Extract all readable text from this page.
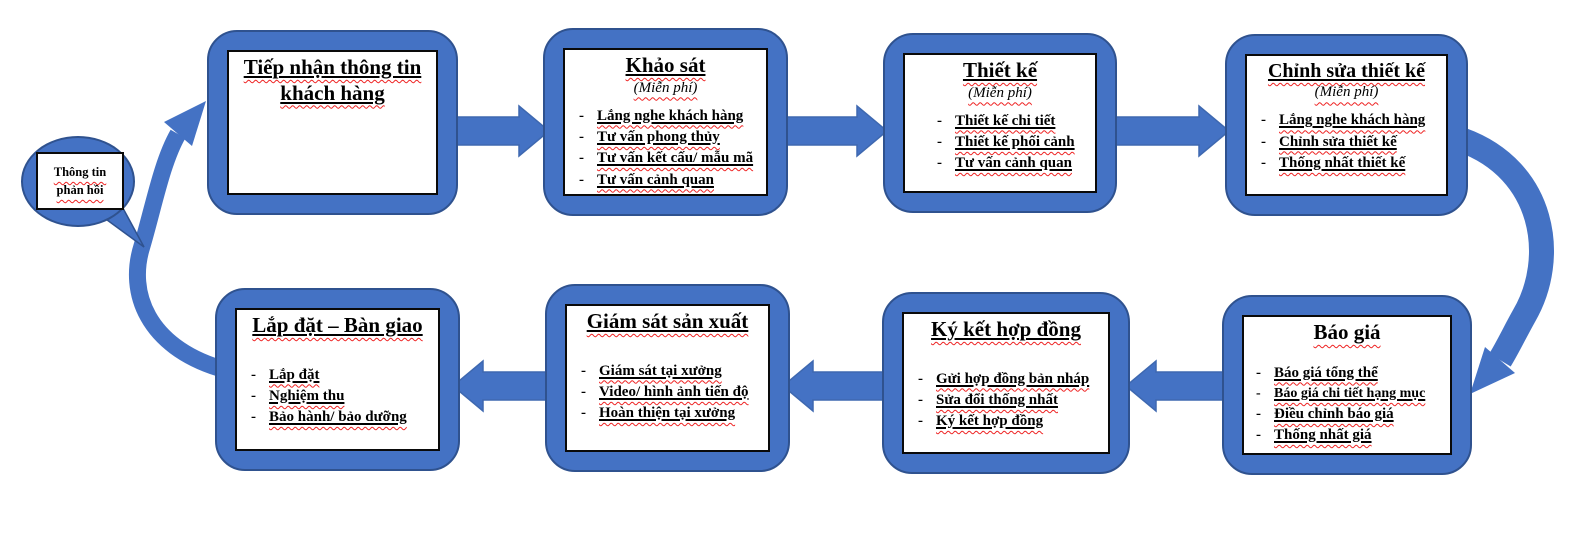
Thông tin phản hồi
Tiếp nhận thông tin khách hàng
Khảo sát
(Miễn phí)
- Lắng nghe khách hàng
- Tư vấn phong thủy
- Tư vấn kết cấu/ mẫu mã
- Tư vấn cảnh quan
Thiết kế
(Miễn phí)
- Thiết kế chi tiết
- Thiết kế phối cảnh
- Tư vấn cảnh quan
Chỉnh sửa thiết kế
(Miễn phí)
- Lắng nghe khách hàng
- Chỉnh sửa thiết kế
- Thống nhất thiết kế
Báo giá
- Báo giá tổng thể
- Báo giá chi tiết hạng mục
- Điều chỉnh báo giá
- Thống nhất giá
Ký kết hợp đồng
- Gửi hợp đồng bản nháp
- Sửa đổi thống nhất
- Ký kết hợp đồng
Giám sát sản xuất
- Giám sát tại xưởng
- Video/ hình ảnh tiến độ
- Hoàn thiện tại xưởng
Lắp đặt – Bàn giao
- Lắp đặt
- Nghiệm thu
- Bảo hành/ bảo dưỡng
